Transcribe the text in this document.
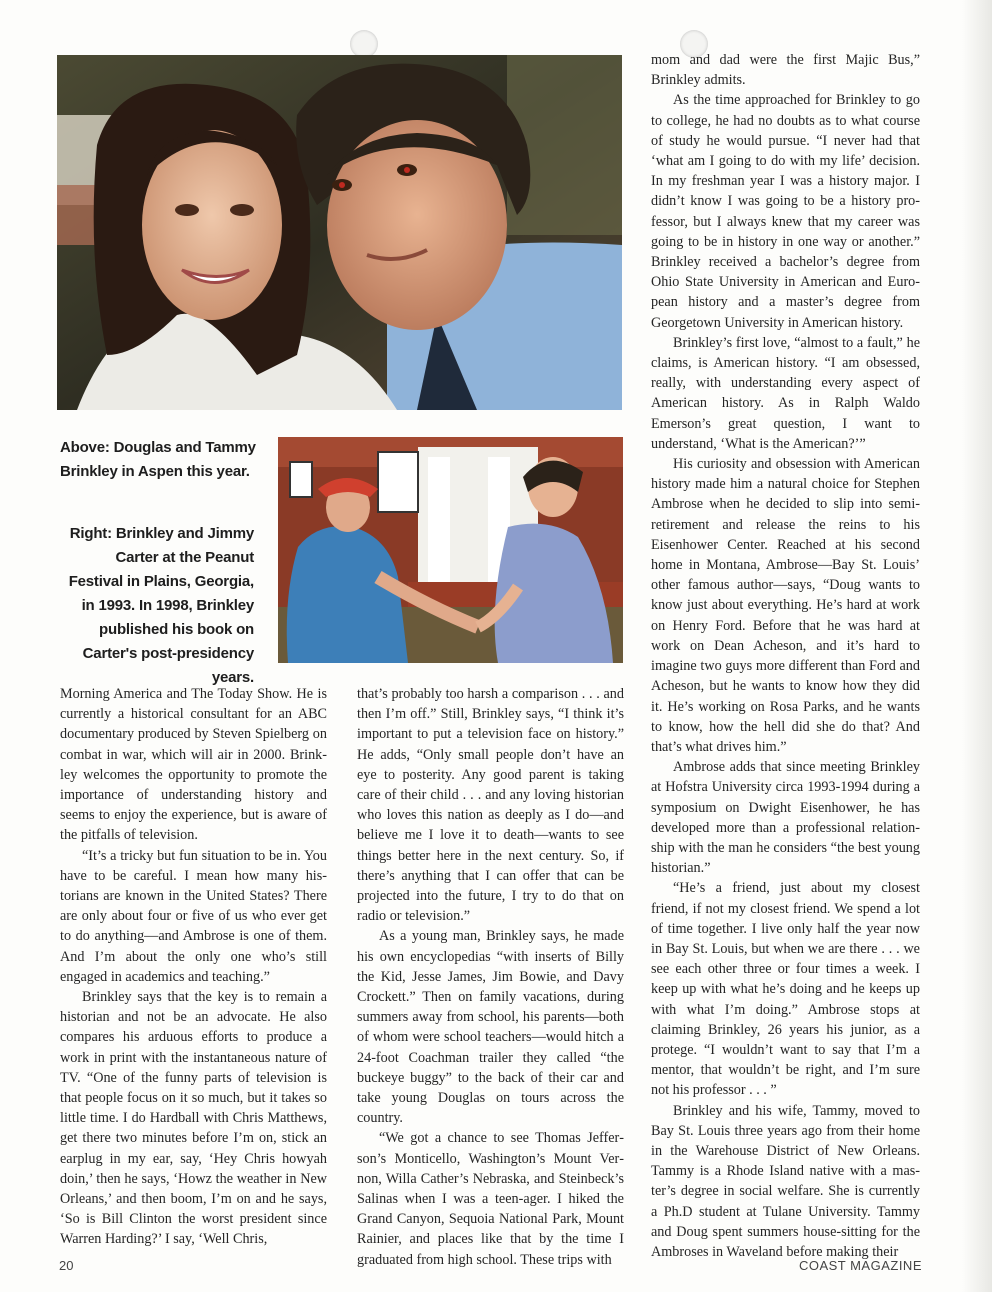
Above: Douglas and Tammy Brinkley in Aspen this year.
Right: Brinkley and Jimmy Carter at the Peanut Festival in Plains, Georgia, in 1993. In 1998, Brinkley published his book on Carter's post-presidency years.

Morning America and The Today Show. He is currently a historical consultant for an ABC documentary produced by Steven Spielberg on combat in war, which will air in 2000. Brinkley welcomes the opportunity to promote the importance of understanding history and seems to enjoy the experience, but is aware of the pitfalls of television.

“It’s a tricky but fun situation to be in. You have to be careful. I mean how many historians are known in the United States? There are only about four or five of us who ever get to do anything—and Ambrose is one of them. And I’m about the only one who’s still engaged in academics and teaching.”

Brinkley says that the key is to remain a historian and not be an advocate. He also compares his arduous efforts to produce a work in print with the instantaneous nature of TV. “One of the funny parts of television is that people focus on it so much, but it takes so little time. I do Hardball with Chris Matthews, get there two minutes before I’m on, stick an earplug in my ear, say, ‘Hey Chris howyah doin,’ then he says, ‘Howz the weather in New Orleans,’ and then boom, I’m on and he says, ‘So is Bill Clinton the worst president since Warren Harding?’ I say, ‘Well Chris,

that’s probably too harsh a comparison . . . and then I’m off.” Still, Brinkley says, “I think it’s important to put a television face on history.” He adds, “Only small people don’t have an eye to posterity. Any good parent is taking care of their child . . . and any loving historian who loves this nation as deeply as I do—and believe me I love it to death—wants to see things better here in the next century. So, if there’s anything that I can offer that can be projected into the future, I try to do that on radio or television.”

As a young man, Brinkley says, he made his own encyclopedias “with inserts of Billy the Kid, Jesse James, Jim Bowie, and Davy Crockett.” Then on family vacations, during summers away from school, his parents—both of whom were school teachers—would hitch a 24-foot Coachman trailer they called “the buckeye buggy” to the back of their car and take young Douglas on tours across the country.

“We got a chance to see Thomas Jefferson’s Monticello, Washington’s Mount Vernon, Willa Cather’s Nebraska, and Steinbeck’s Salinas when I was a teen-ager. I hiked the Grand Canyon, Sequoia National Park, Mount Rainier, and places like that by the time I graduated from high school. These trips with

mom and dad were the first Majic Bus,” Brinkley admits.

As the time approached for Brinkley to go to college, he had no doubts as to what course of study he would pursue. “I never had that ‘what am I going to do with my life’ decision. In my freshman year I was a history major. I didn’t know I was going to be a history professor, but I always knew that my career was going to be in history in one way or another.” Brinkley received a bachelor’s degree from Ohio State University in American and European history and a master’s degree from Georgetown University in American history.

Brinkley’s first love, “almost to a fault,” he claims, is American history. “I am obsessed, really, with understanding every aspect of American history. As in Ralph Waldo Emerson’s great question, I want to understand, ‘What is the American?’”

His curiosity and obsession with American history made him a natural choice for Stephen Ambrose when he decided to slip into semi-retirement and release the reins to his Eisenhower Center. Reached at his second home in Montana, Ambrose—Bay St. Louis’ other famous author—says, “Doug wants to know just about everything. He’s hard at work on Henry Ford. Before that he was hard at work on Dean Acheson, and it’s hard to imagine two guys more different than Ford and Acheson, but he wants to know how they did it. He’s working on Rosa Parks, and he wants to know, how the hell did she do that? And that’s what drives him.”

Ambrose adds that since meeting Brinkley at Hofstra University circa 1993-1994 during a symposium on Dwight Eisenhower, he has developed more than a professional relationship with the man he considers “the best young historian.”

“He’s a friend, just about my closest friend, if not my closest friend. We spend a lot of time together. I live only half the year now in Bay St. Louis, but when we are there . . . we see each other three or four times a week. I keep up with what he’s doing and he keeps up with what I’m doing.” Ambrose stops at claiming Brinkley, 26 years his junior, as a protege. “I wouldn’t want to say that I’m a mentor, that wouldn’t be right, and I’m sure not his professor . . . ”

Brinkley and his wife, Tammy, moved to Bay St. Louis three years ago from their home in the Warehouse District of New Orleans. Tammy is a Rhode Island native with a master’s degree in social welfare. She is currently a Ph.D student at Tulane University. Tammy and Doug spent summers house-sitting for the Ambroses in Waveland before making their

20	COAST MAGAZINE
